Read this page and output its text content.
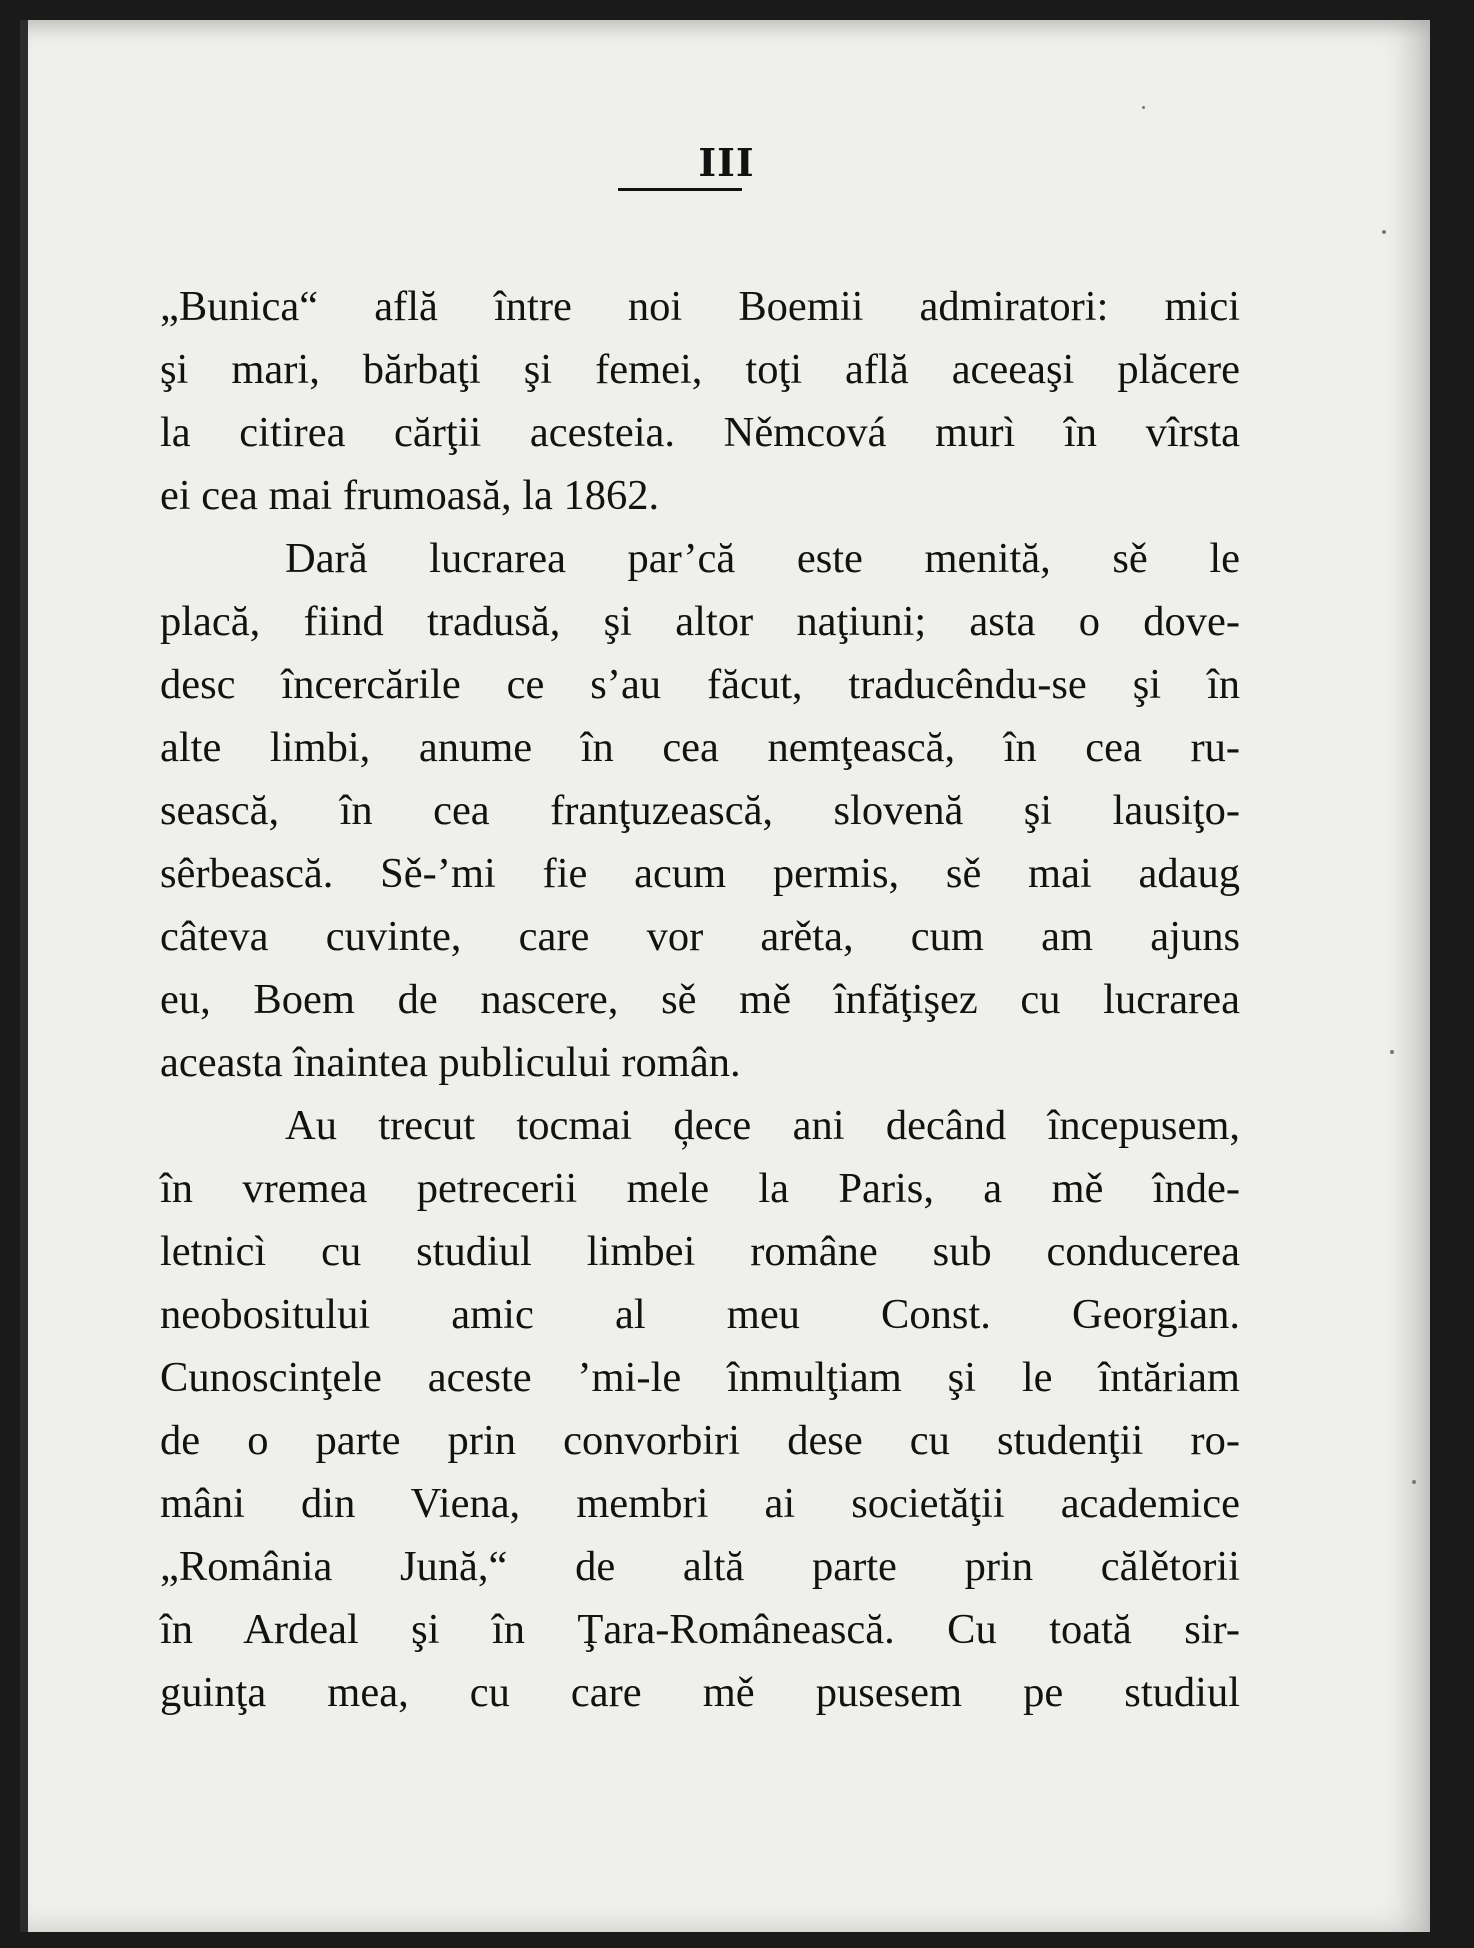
III
„Bunica“ află între noi Boemii admiratori: mici
şi mari, bărbaţi şi femei, toţi află aceeaşi plăcere
la citirea cărţii acesteia. Němcová murì în vîrsta
ei cea mai frumoasă, la 1862.
Dară lucrarea par’că este menită, sě le
placă, fiind tradusă, şi altor naţiuni; asta o dove-
desc încercările ce s’au făcut, traducêndu-se şi în
alte limbi, anume în cea nemţească, în cea ru-
sească, în cea franţuzească, slovenă şi lausiţo-
sêrbească. Sě-’mi fie acum permis, sě mai adaug
câteva cuvinte, care vor arěta, cum am ajuns
eu, Boem de nascere, sě mě înfăţişez cu lucrarea
aceasta înaintea publicului român.
Au trecut tocmai ḑece ani decând începusem,
în vremea petrecerii mele la Paris, a mě înde-
letnicì cu studiul limbei române sub conducerea
neobositului amic al meu Const. Georgian.
Cunoscinţele aceste ’mi-le înmulţiam şi le întăriam
de o parte prin convorbiri dese cu studenţii ro-
mâni din Viena, membri ai societăţii academice
„România Jună,“ de altă parte prin călětorii
în Ardeal şi în Ţara-Românească. Cu toată sir-
guinţa mea, cu care mě pusesem pe studiul
